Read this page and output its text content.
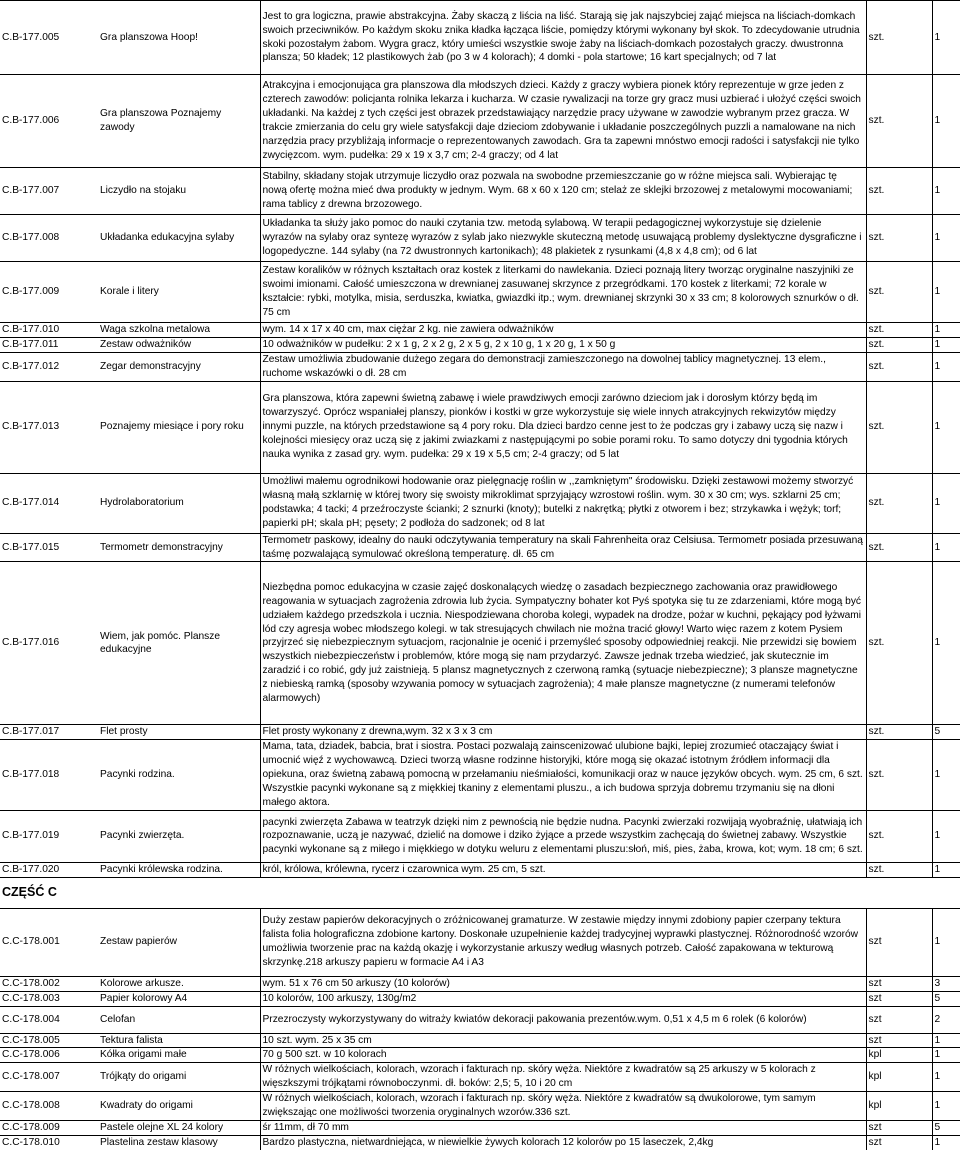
C.B-177.005	Gra planszowa Hoop!	Jest to gra logiczna, prawie abstrakcyjna. Żaby skaczą z liścia na liść. Starają się jak najszybciej zająć miejsca na liściach-domkach swoich przeciwników. Po każdym skoku znika kładka łącząca liście, pomiędzy którymi wykonany był skok. To zdecydowanie utrudnia skoki pozostałym żabom. Wygra gracz, który umieści wszystkie swoje żaby na liściach-domkach pozostałych graczy. dwustronna plansza; 50 kładek; 12 plastikowych żab (po 3 w 4 kolorach); 4 domki - pola startowe; 16 kart specjalnych; od 7 lat	szt.	1
C.B-177.006	Gra planszowa Poznajemy zawody	Atrakcyjna i emocjonująca gra planszowa dla młodszych dzieci. Każdy z graczy wybiera pionek który reprezentuje w grze jeden z czterech zawodów: policjanta rolnika lekarza i kucharza. W czasie rywalizacji na torze gry gracz musi uzbierać i ułożyć części swoich układanki. Na każdej z tych części jest obrazek przedstawiający narzędzie pracy używane w zawodzie wybranym przez gracza. W trakcie zmierzania do celu gry wiele satysfakcji daje dzieciom zdobywanie i układanie poszczególnych puzzli a namalowane na nich narzędzia pracy przybliżają informacje o reprezentowanych zawodach. Gra ta zapewni mnóstwo emocji radości i satysfakcji nie tylko zwycięzcom. wym. pudełka: 29 x 19 x 3,7 cm; 2-4 graczy; od 4 lat	szt.	1
C.B-177.007	Liczydło na stojaku	Stabilny, składany stojak utrzymuje liczydło oraz pozwala na swobodne przemieszczanie go w różne miejsca sali. Wybierając tę nową ofertę można mieć dwa produkty w jednym. Wym. 68 x 60 x 120 cm; stelaż ze sklejki brzozowej z metalowymi mocowaniami; rama tablicy z drewna brzozowego.	szt.	1
C.B-177.008	Układanka edukacyjna sylaby	Układanka ta służy jako pomoc do nauki czytania tzw. metodą sylabową. W terapii pedagogicznej wykorzystuje się dzielenie wyrazów na sylaby oraz syntezę wyrazów z sylab jako niezwykle skuteczną metodę usuwającą problemy dyslektyczne dysgraficzne i logopedyczne. 144 sylaby (na 72 dwustronnych kartonikach); 48 plakietek z rysunkami (4,8 x 4,8 cm); od 6 lat	szt.	1
C.B-177.009	Korale i litery	Zestaw koralików w różnych kształtach oraz kostek z literkami do nawlekania. Dzieci poznają litery tworząc oryginalne naszyjniki ze swoimi imionami. Całość umieszczona w drewnianej zasuwanej skrzynce z przegródkami. 170 kostek z literkami; 72 korale w kształcie: rybki, motylka, misia, serduszka, kwiatka, gwiazdki itp.; wym. drewnianej skrzynki 30 x 33 cm; 8 kolorowych sznurków o dł. 75 cm	szt.	1
C.B-177.010	Waga szkolna metalowa	wym. 14 x 17 x 40 cm, max ciężar 2 kg. nie zawiera odważników	szt.	1
C.B-177.011	Zestaw odważników	10 odważników w pudełku: 2 x 1 g, 2 x 2 g, 2 x 5 g, 2 x 10 g, 1 x 20 g, 1 x 50 g	szt.	1
C.B-177.012	Zegar demonstracyjny	Zestaw umożliwia zbudowanie dużego zegara do demonstracji zamieszczonego na dowolnej tablicy magnetycznej. 13 elem., ruchome wskazówki o dł. 28 cm	szt.	1
C.B-177.013	Poznajemy miesiące i pory roku	Gra planszowa, która zapewni świetną zabawę i wiele prawdziwych emocji zarówno dzieciom jak i dorosłym którzy będą im towarzyszyć. Oprócz wspaniałej planszy, pionków i kostki w grze wykorzystuje się wiele innych atrakcyjnych rekwizytów między innymi puzzle, na których przedstawione są 4 pory roku. Dla dzieci bardzo cenne jest to że podczas gry i zabawy uczą się nazw i kolejności miesięcy oraz uczą się z jakimi zwiazkami z następującymi po sobie porami roku. To samo dotyczy dni tygodnia których nauka wynika z zasad gry. wym. pudełka: 29 x 19 x 5,5 cm; 2-4 graczy; od 5 lat	szt.	1
C.B-177.014	Hydrolaboratorium	Umożliwi małemu ogrodnikowi hodowanie oraz pielęgnację roślin w ,,zamkniętym" środowisku. Dzięki zestawowi możemy stworzyć własną małą szklarnię w której twory się swoisty mikroklimat sprzyjający wzrostowi roślin. wym. 30 x 30 cm; wys. szklarni 25 cm; podstawka; 4 tacki; 4 przeźroczyste ścianki; 2 sznurki (knoty); butelki z nakrętką; płytki z otworem i bez; strzykawka i wężyk; torf; papierki pH; skala pH; pęsety; 2 podłoża do sadzonek; od 8 lat	szt.	1
C.B-177.015	Termometr demonstracyjny	Termometr paskowy, idealny do nauki odczytywania temperatury na skali Fahrenheita oraz Celsiusa. Termometr posiada przesuwaną taśmę pozwalającą symulować określoną temperaturę. dł. 65 cm	szt.	1
C.B-177.016	Wiem, jak pomóc. Plansze edukacyjne	Niezbędna pomoc edukacyjna w czasie zajęć doskonalących wiedzę o zasadach bezpiecznego zachowania oraz prawidłowego reagowania w sytuacjach zagrożenia zdrowia lub życia. Sympatyczny bohater kot Pyś spotyka się tu ze zdarzeniami, które mogą być udziałem każdego przedszkola i ucznia. Niespodziewana choroba kolegi, wypadek na drodze, pożar w kuchni, pękający pod łyżwami lód czy agresja wobec młodszego kolegi. w tak stresujących chwilach nie można tracić głowy! Warto więc razem z kotem Pysiem przyjrzeć się niebezpiecznym sytuacjom, racjonalnie je ocenić i przemyśleć sposoby odpowiedniej reakcji. Nie przewidzi się bowiem wszystkich niebezpieczeństw i problemów, które mogą się nam przydarzyć. Zawsze jednak trzeba wiedzieć, jak skutecznie im zaradzić i co robić, gdy już zaistnieją. 5 plansz magnetycznych z czerwoną ramką (sytuacje niebezpieczne); 3 plansze magnetyczne z niebieską ramką (sposoby wzywania pomocy w sytuacjach zagrożenia); 4 małe plansze magnetyczne (z numerami telefonów alarmowych)	szt.	1
C.B-177.017	Flet prosty	Flet prosty wykonany z drewna,wym. 32 x 3 x 3 cm	szt.	5
C.B-177.018	Pacynki rodzina.	Mama, tata, dziadek, babcia, brat i siostra. Postaci pozwalają zainscenizować ulubione bajki, lepiej zrozumieć otaczający świat i umocnić więź z wychowawcą. Dzieci tworzą własne rodzinne historyjki, które mogą się okazać istotnym źródłem informacji dla opiekuna, oraz świetną zabawą pomocną w przełamaniu nieśmiałości, komunikacji oraz w nauce języków obcych. wym. 25 cm, 6 szt. Wszystkie pacynki wykonane są z miękkiej tkaniny z elementami pluszu., a ich budowa sprzyja dobremu trzymaniu się na dłoni małego aktora.	szt.	1
C.B-177.019	Pacynki zwierzęta.	pacynki zwierzęta Zabawa w teatrzyk dzięki nim z pewnością nie będzie nudna. Pacynki zwierzaki rozwijają wyobraźnię, ułatwiają ich rozpoznawanie, uczą je nazywać, dzielić na domowe i dziko żyjące a przede wszystkim zachęcają do świetnej zabawy. Wszystkie pacynki wykonane są z miłego i miękkiego w dotyku weluru z elementami pluszu:słoń, miś, pies, żaba, krowa, kot; wym. 18 cm; 6 szt.	szt.	1
C.B-177.020	Pacynki królewska rodzina.	król, królowa, królewna, rycerz i czarownica wym. 25 cm, 5 szt.	szt.	1
CZĘŚĆ C				
C.C-178.001	Zestaw papierów	Duży zestaw papierów dekoracyjnych o zróżnicowanej gramaturze. W zestawie między innymi zdobiony papier czerpany tektura falista folia holograficzna zdobione kartony. Doskonałe uzupełnienie każdej tradycyjnej wyprawki plastycznej. Różnorodność wzorów umożliwia tworzenie prac na każdą okazję i wykorzystanie arkuszy według własnych potrzeb. Całość zapakowana w tekturową skrzynkę.218 arkuszy papieru w formacie A4 i A3	szt	1
C.C-178.002	Kolorowe arkusze.	wym. 51 x 76 cm 50 arkuszy (10 kolorów)	szt	3
C.C-178.003	Papier kolorowy A4	10 kolorów, 100 arkuszy, 130g/m2	szt	5
C.C-178.004	Celofan	Przezroczysty wykorzystywany do witraży kwiatów dekoracji pakowania prezentów.wym. 0,51 x 4,5 m 6 rolek (6 kolorów)	szt	2
C.C-178.005	Tektura falista	10 szt. wym. 25 x 35 cm	szt	1
C.C-178.006	Kółka origami małe	70 g 500 szt. w 10 kolorach	kpl	1
C.C-178.007	Trójkąty do origami	W różnych wielkościach, kolorach, wzorach i fakturach np. skóry węża. Niektóre z kwadratów są 25 arkuszy w 5 kolorach z więszkszymi trójkątami równoboczynmi. dł. boków: 2,5; 5, 10 i 20 cm	kpl	1
C.C-178.008	Kwadraty do origami	W różnych wielkościach, kolorach, wzorach i fakturach np. skóry węża. Niektóre z kwadratów są dwukolorowe, tym samym zwiększając one możliwości tworzenia oryginalnych wzorów.336 szt.	kpl	1
C.C-178.009	Pastele olejne XL 24 kolory	śr 11mm, dł 70 mm	szt	5
C.C-178.010	Plastelina zestaw klasowy	Bardzo plastyczna, nietwardniejąca, w niewielkie żywych kolorach 12 kolorów po 15 laseczek, 2,4kg	szt	1
